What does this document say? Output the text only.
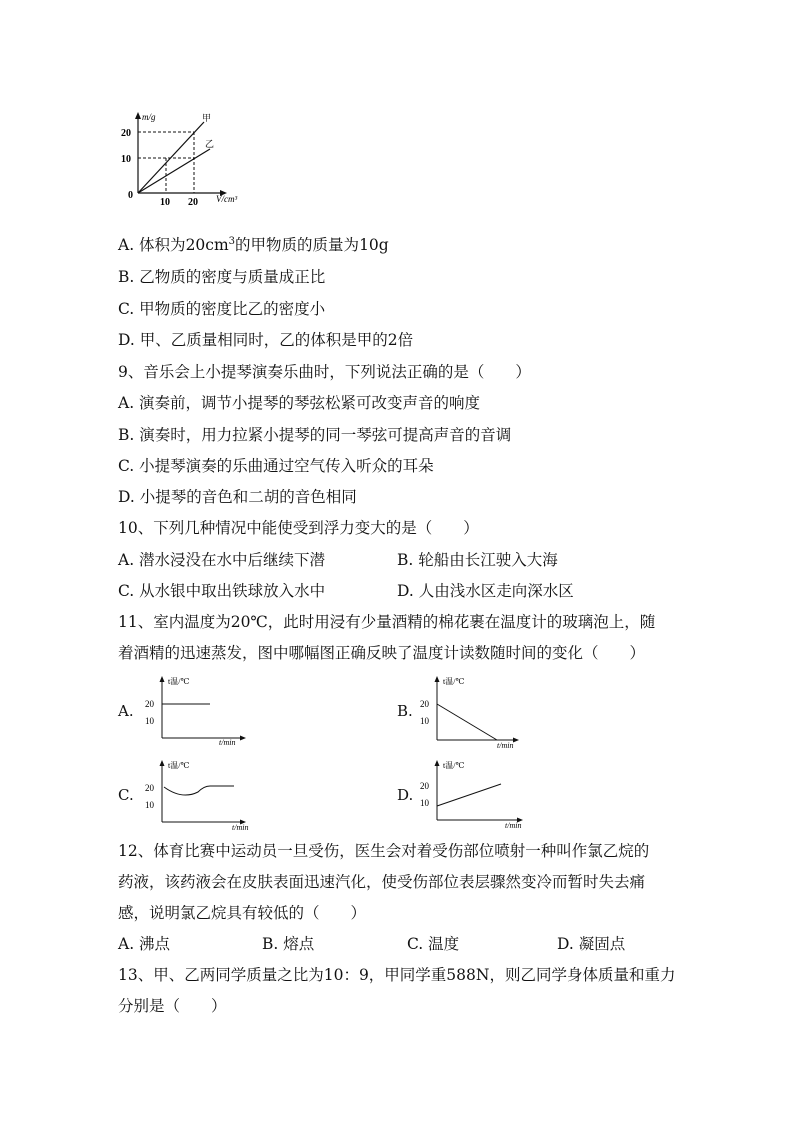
m/g
20
10
0
10 20 V/cm³
甲
乙
A. 体积为$20cm^3$的甲物质的质量为10g
B. 乙物质的密度与质量成正比
C. 甲物质的密度比乙的密度小
D. 甲、乙质量相同时，乙的体积是甲的2倍
9、音乐会上小提琴演奏乐曲时，下列说法正确的是（　　）
A. 演奏前，调节小提琴的琴弦松紧可改变声音的响度
B. 演奏时，用力拉紧小提琴的同一琴弦可提高声音的音调
C. 小提琴演奏的乐曲通过空气传入听众的耳朵
D. 小提琴的音色和二胡的音色相同
10、下列几种情况中能使受到浮力变大的是（　　）
A. 潜水浸没在水中后继续下潜	B. 轮船由长江驶入大海
C. 从水银中取出铁球放入水中	D. 人由浅水区走向深水区
11、室内温度为20℃，此时用浸有少量酒精的棉花裹在温度计的玻璃泡上，随
着酒精的迅速蒸发，图中哪幅图正确反映了温度计读数随时间的变化（　　）
A.
t温/℃
20
10
t/min
B.
t温/℃
20
10
t/min
C.
t温/℃
20
10
t/min
D.
t温/℃
20
10
t/min
12、体育比赛中运动员一旦受伤，医生会对着受伤部位喷射一种叫作氯乙烷的
药液，该药液会在皮肤表面迅速汽化，使受伤部位表层骤然变冷而暂时失去痛
感，说明氯乙烷具有较低的（　　）
A. 沸点	B. 熔点	C. 温度	D. 凝固点
13、甲、乙两同学质量之比为10：9，甲同学重588N，则乙同学身体质量和重力
分别是（　　）
